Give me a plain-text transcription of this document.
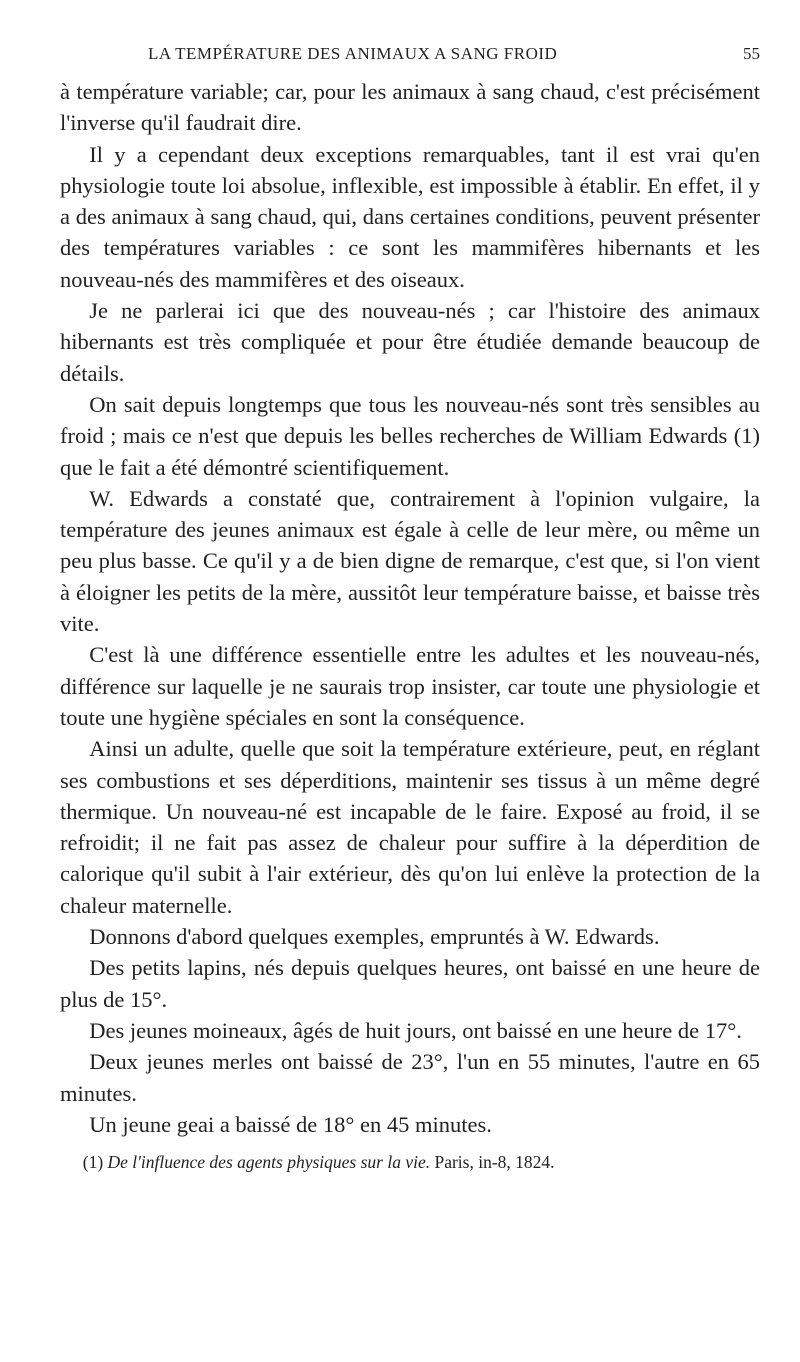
LA TEMPÉRATURE DES ANIMAUX A SANG FROID	55

à température variable; car, pour les animaux à sang chaud, c'est précisément l'inverse qu'il faudrait dire.

Il y a cependant deux exceptions remarquables, tant il est vrai qu'en physiologie toute loi absolue, inflexible, est impossible à établir. En effet, il y a des animaux à sang chaud, qui, dans certaines conditions, peuvent présenter des températures variables : ce sont les mammifères hibernants et les nouveau-nés des mammifères et des oiseaux.

Je ne parlerai ici que des nouveau-nés ; car l'histoire des animaux hibernants est très compliquée et pour être étudiée demande beaucoup de détails.

On sait depuis longtemps que tous les nouveau-nés sont très sensibles au froid ; mais ce n'est que depuis les belles recherches de William Edwards (1) que le fait a été démontré scientifiquement.

W. Edwards a constaté que, contrairement à l'opinion vulgaire, la température des jeunes animaux est égale à celle de leur mère, ou même un peu plus basse. Ce qu'il y a de bien digne de remarque, c'est que, si l'on vient à éloigner les petits de la mère, aussitôt leur température baisse, et baisse très vite.

C'est là une différence essentielle entre les adultes et les nouveau-nés, différence sur laquelle je ne saurais trop insister, car toute une physiologie et toute une hygiène spéciales en sont la conséquence.

Ainsi un adulte, quelle que soit la température extérieure, peut, en réglant ses combustions et ses déperditions, maintenir ses tissus à un même degré thermique. Un nouveau-né est incapable de le faire. Exposé au froid, il se refroidit; il ne fait pas assez de chaleur pour suffire à la déperdition de calorique qu'il subit à l'air extérieur, dès qu'on lui enlève la protection de la chaleur maternelle.

Donnons d'abord quelques exemples, empruntés à W. Edwards.

Des petits lapins, nés depuis quelques heures, ont baissé en une heure de plus de 15°.

Des jeunes moineaux, âgés de huit jours, ont baissé en une heure de 17°.

Deux jeunes merles ont baissé de 23°, l'un en 55 minutes, l'autre en 65 minutes.

Un jeune geai a baissé de 18° en 45 minutes.

(1) De l'influence des agents physiques sur la vie. Paris, in-8, 1824.
